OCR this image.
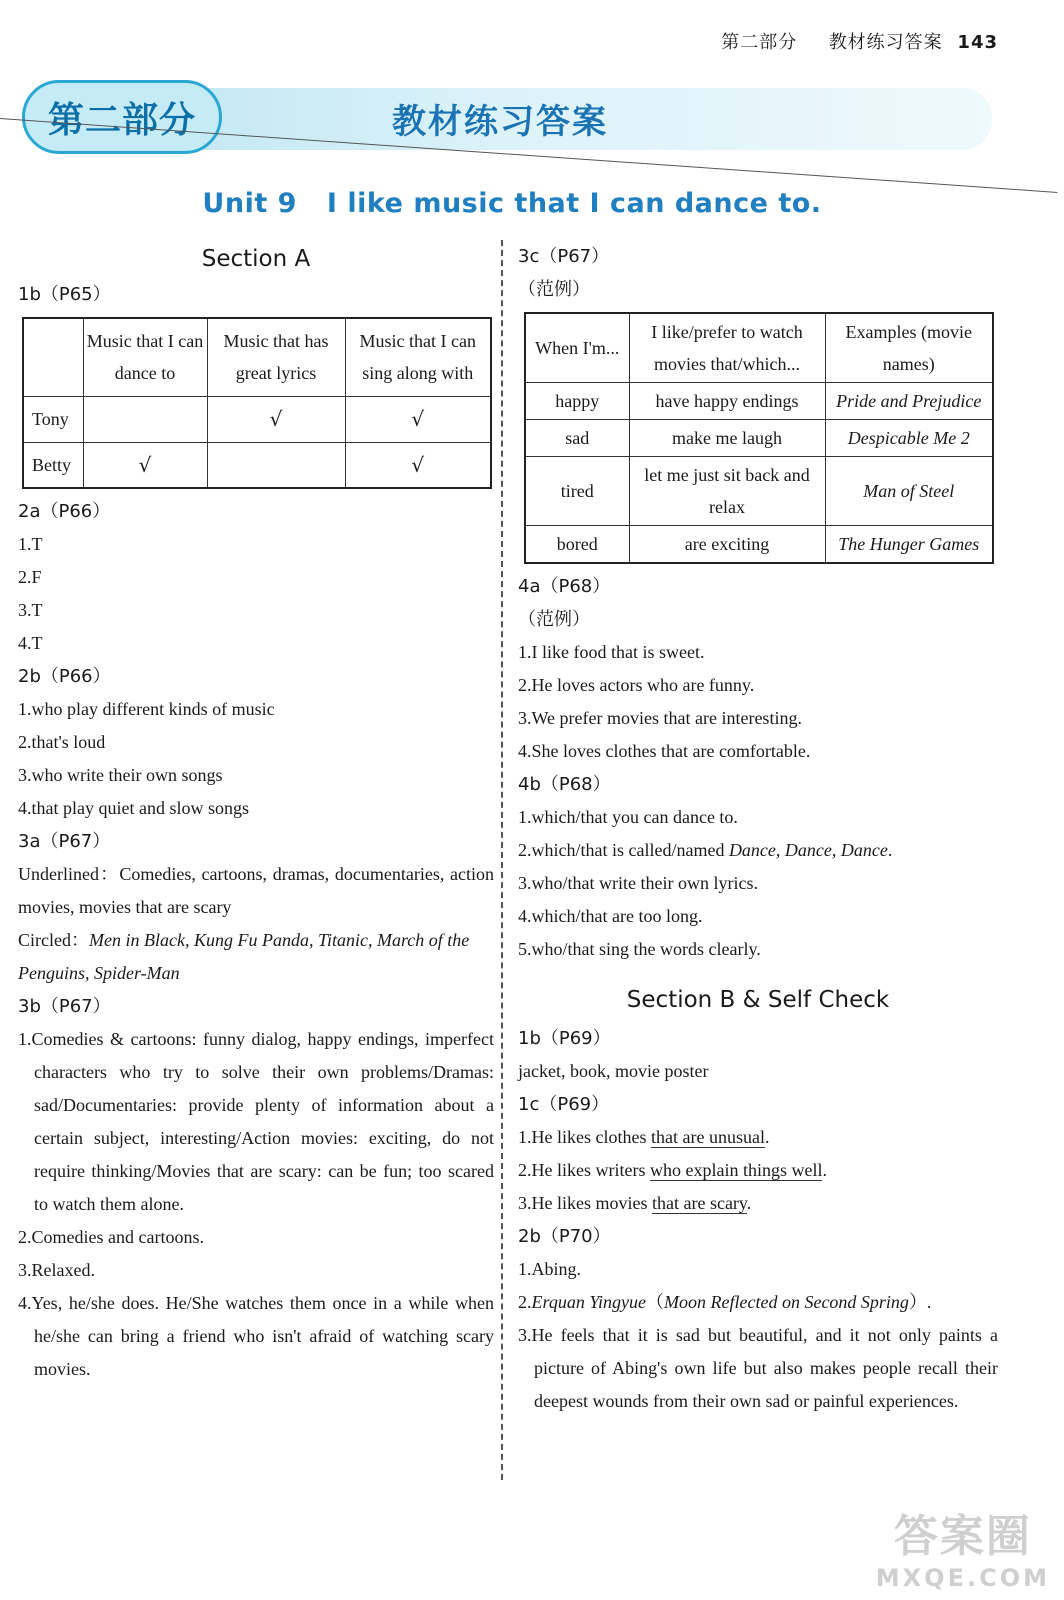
第二部分 教材练习答案 143
第二部分	教材练习答案
Unit 9 I like music that I can dance to.
Section A
1b（P65）
	Music that I can dance to	Music that has great lyrics	Music that I can sing along with
Tony		√	√
Betty	√		√
2a（P66）
1.T
2.F
3.T
4.T
2b（P66）
1.who play different kinds of music
2.that's loud
3.who write their own songs
4.that play quiet and slow songs
3a（P67）
Underlined：Comedies, cartoons, dramas, documentaries, action movies, movies that are scary
Circled：Men in Black, Kung Fu Panda, Titanic, March of the Penguins, Spider-Man
3b（P67）
1.Comedies & cartoons: funny dialog, happy endings, imperfect characters who try to solve their own problems/Dramas: sad/Documentaries: provide plenty of information about a certain subject, interesting/Action movies: exciting, do not require thinking/Movies that are scary: can be fun; too scared to watch them alone.
2.Comedies and cartoons.
3.Relaxed.
4.Yes, he/she does. He/She watches them once in a while when he/she can bring a friend who isn't afraid of watching scary movies.
3c（P67）
（范例）
When I'm...	I like/prefer to watch movies that/which...	Examples (movie names)
happy	have happy endings	Pride and Prejudice
sad	make me laugh	Despicable Me 2
tired	let me just sit back and relax	Man of Steel
bored	are exciting	The Hunger Games
4a（P68）
（范例）
1.I like food that is sweet.
2.He loves actors who are funny.
3.We prefer movies that are interesting.
4.She loves clothes that are comfortable.
4b（P68）
1.which/that you can dance to.
2.which/that is called/named Dance, Dance, Dance.
3.who/that write their own lyrics.
4.which/that are too long.
5.who/that sing the words clearly.
Section B & Self Check
1b（P69）
jacket, book, movie poster
1c（P69）
1.He likes clothes that are unusual.
2.He likes writers who explain things well.
3.He likes movies that are scary.
2b（P70）
1.Abing.
2.Erquan Yingyue（Moon Reflected on Second Spring）.
3.He feels that it is sad but beautiful, and it not only paints a picture of Abing's own life but also makes people recall their deepest wounds from their own sad or painful experiences.
答案圈
MXQE.COM
